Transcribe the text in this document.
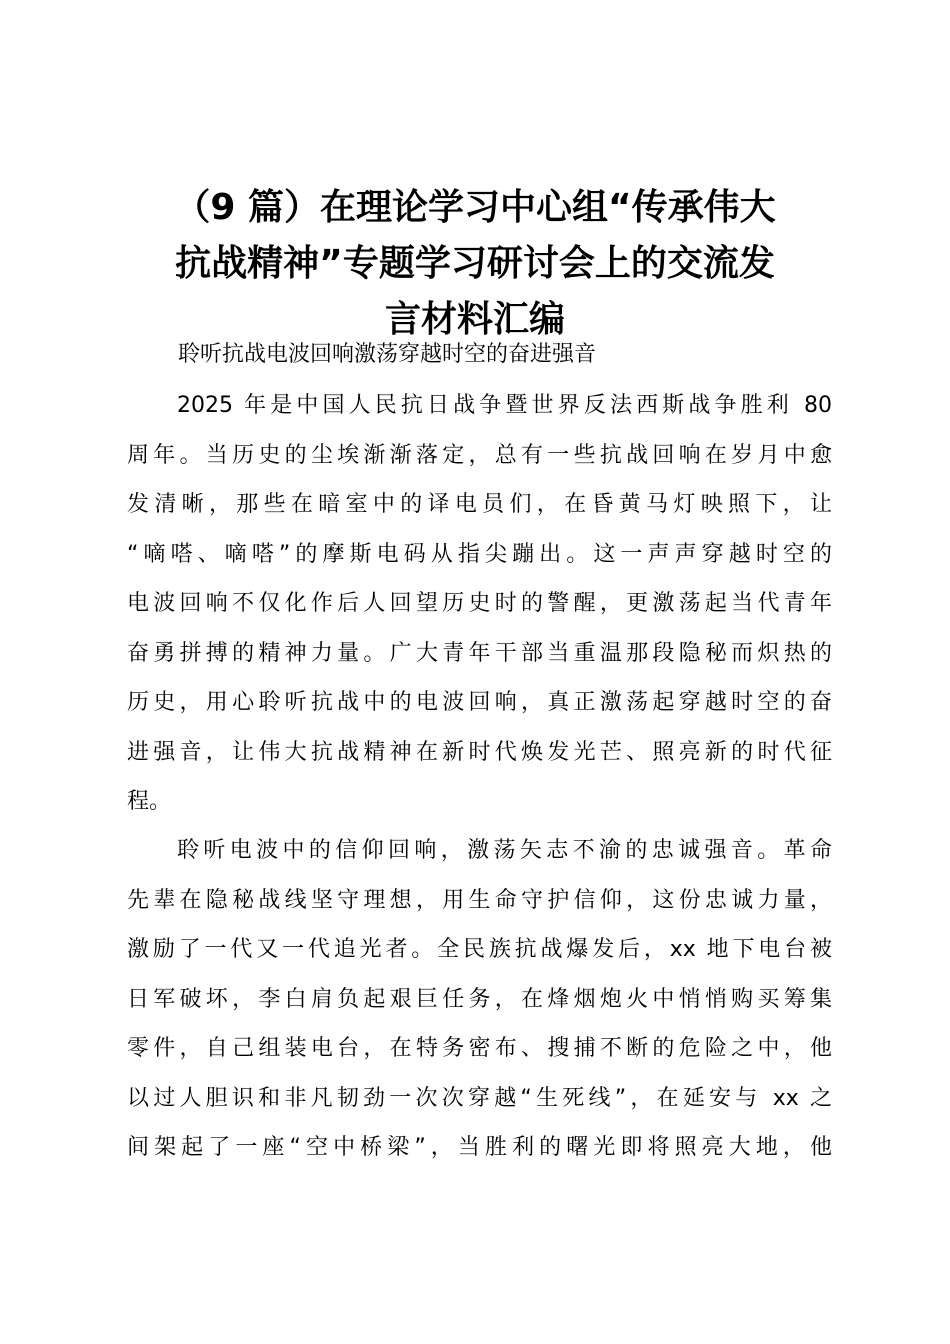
（9 篇）在理论学习中心组“传承伟大
抗战精神”专题学习研讨会上的交流发
言材料汇编

聆听抗战电波回响激荡穿越时空的奋进强音

2025 年是中国人民抗日战争暨世界反法西斯战争胜利 80
周年。当历史的尘埃渐渐落定，总有一些抗战回响在岁月中愈
发清晰，那些在暗室中的译电员们，在昏黄马灯映照下，让
“嘀嗒、嘀嗒”的摩斯电码从指尖蹦出。这一声声穿越时空的
电波回响不仅化作后人回望历史时的警醒，更激荡起当代青年
奋勇拼搏的精神力量。广大青年干部当重温那段隐秘而炽热的
历史，用心聆听抗战中的电波回响，真正激荡起穿越时空的奋
进强音，让伟大抗战精神在新时代焕发光芒、照亮新的时代征
程。

聆听电波中的信仰回响，激荡矢志不渝的忠诚强音。革命
先辈在隐秘战线坚守理想，用生命守护信仰，这份忠诚力量，
激励了一代又一代追光者。全民族抗战爆发后，xx 地下电台被
日军破坏，李白肩负起艰巨任务，在烽烟炮火中悄悄购买筹集
零件，自己组装电台，在特务密布、搜捕不断的危险之中，他
以过人胆识和非凡韧劲一次次穿越“生死线”，在延安与 xx 之
间架起了一座“空中桥梁”，当胜利的曙光即将照亮大地，他
